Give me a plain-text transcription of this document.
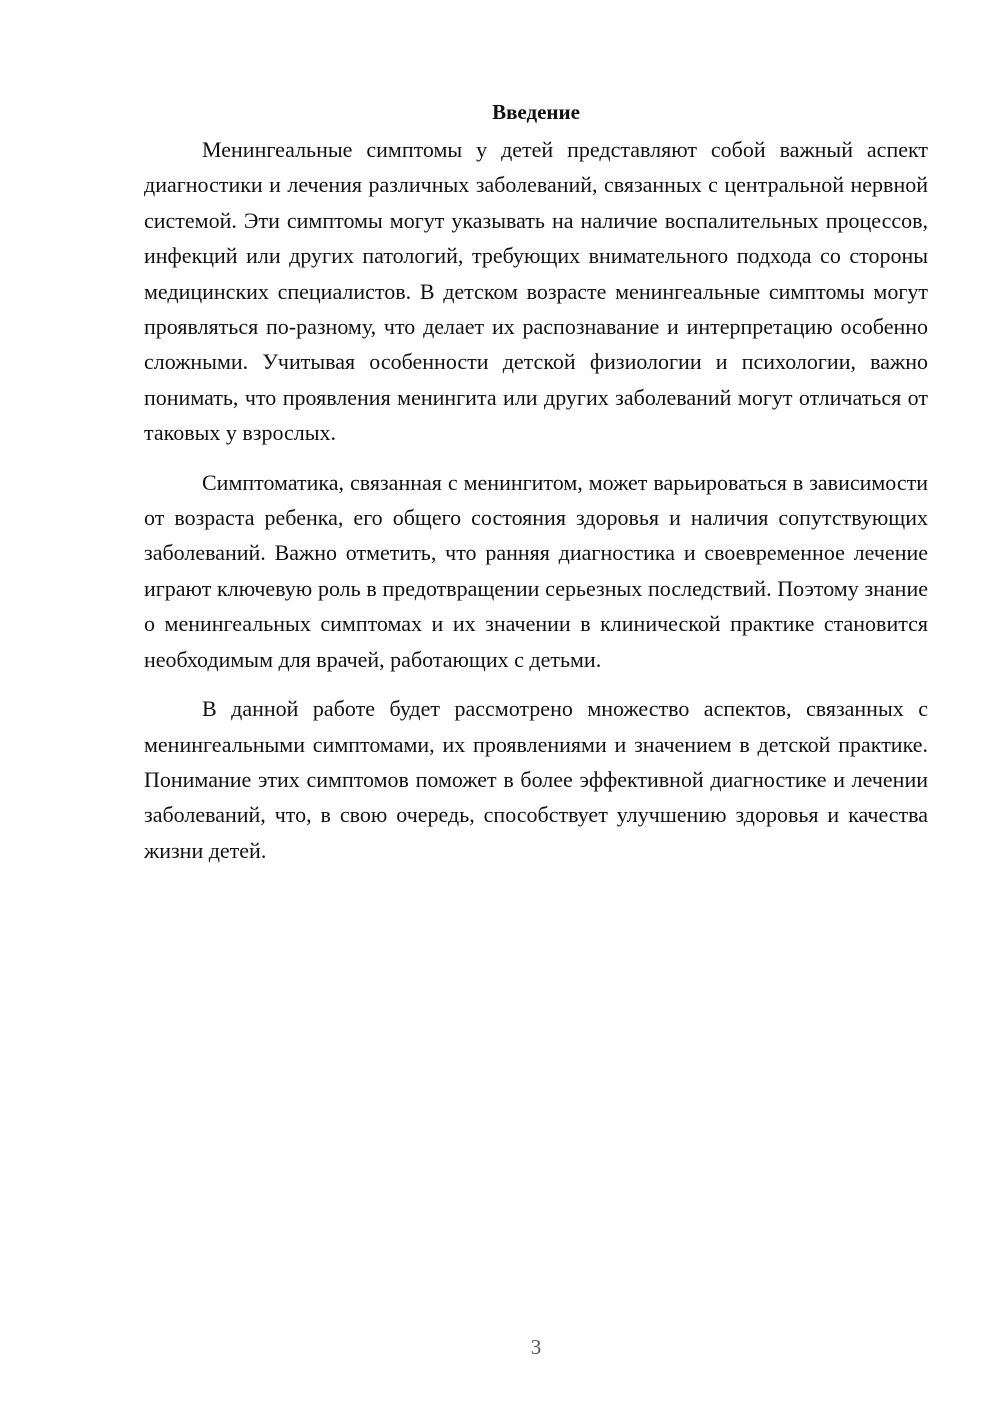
Введение

Менингеальные симптомы у детей представляют собой важный аспект диагностики и лечения различных заболеваний, связанных с центральной нервной системой. Эти симптомы могут указывать на наличие воспалительных процессов, инфекций или других патологий, требующих внимательного подхода со стороны медицинских специалистов. В детском возрасте менингеальные симптомы могут проявляться по-разному, что делает их распознавание и интерпретацию особенно сложными. Учитывая особенности детской физиологии и психологии, важно понимать, что проявления менингита или других заболеваний могут отличаться от таковых у взрослых.

Симптоматика, связанная с менингитом, может варьироваться в зависимости от возраста ребенка, его общего состояния здоровья и наличия сопутствующих заболеваний. Важно отметить, что ранняя диагностика и своевременное лечение играют ключевую роль в предотвращении серьезных последствий. Поэтому знание о менингеальных симптомах и их значении в клинической практике становится необходимым для врачей, работающих с детьми.

В данной работе будет рассмотрено множество аспектов, связанных с менингеальными симптомами, их проявлениями и значением в детской практике. Понимание этих симптомов поможет в более эффективной диагностике и лечении заболеваний, что, в свою очередь, способствует улучшению здоровья и качества жизни детей.

3
